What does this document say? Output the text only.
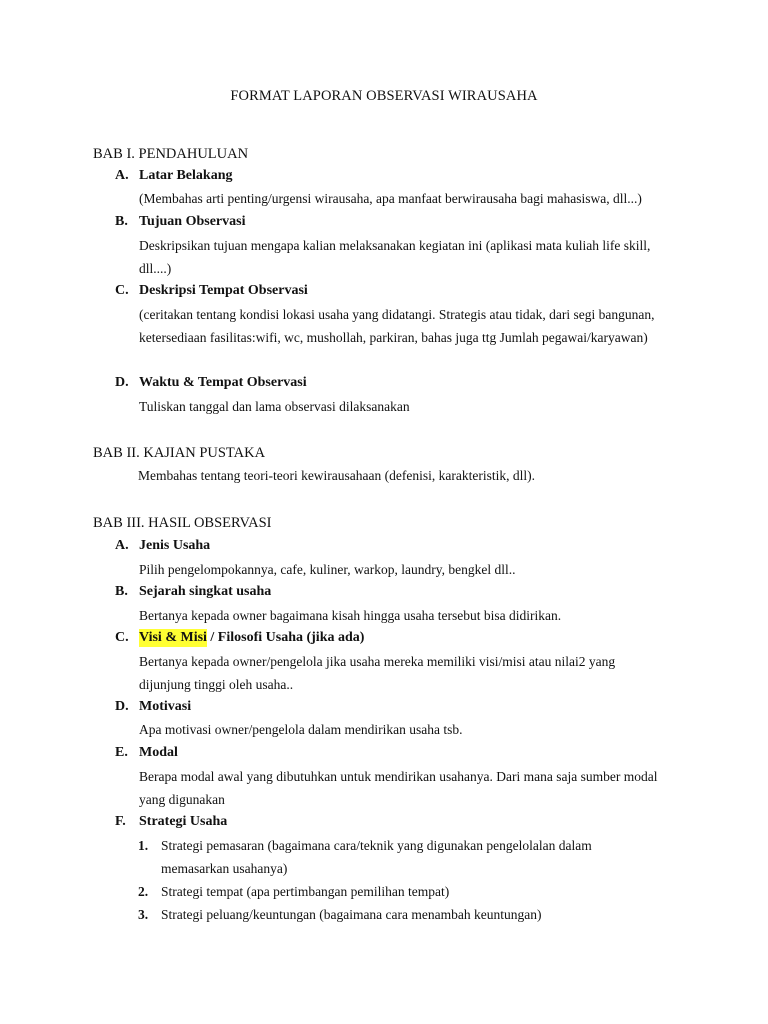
FORMAT LAPORAN OBSERVASI WIRAUSAHA
BAB I. PENDAHULUAN
A. Latar Belakang
(Membahas arti penting/urgensi wirausaha, apa manfaat berwirausaha bagi mahasiswa, dll...)
B. Tujuan Observasi
Deskripsikan tujuan mengapa kalian melaksanakan kegiatan ini (aplikasi mata kuliah life skill, dll....)
C. Deskripsi Tempat Observasi
(ceritakan tentang kondisi lokasi usaha yang didatangi. Strategis atau tidak, dari segi bangunan, ketersediaan fasilitas:wifi, wc, mushollah, parkiran, bahas juga ttg Jumlah pegawai/karyawan)
D. Waktu & Tempat Observasi
Tuliskan tanggal dan lama observasi dilaksanakan
BAB II. KAJIAN PUSTAKA
Membahas tentang teori-teori kewirausahaan (defenisi, karakteristik, dll).
BAB III. HASIL OBSERVASI
A. Jenis Usaha
Pilih pengelompokannya, cafe, kuliner, warkop, laundry, bengkel dll..
B. Sejarah singkat usaha
Bertanya kepada owner bagaimana kisah hingga usaha tersebut bisa didirikan.
C. Visi & Misi / Filosofi Usaha (jika ada)
Bertanya kepada owner/pengelola jika usaha mereka memiliki visi/misi atau nilai2 yang dijunjung tinggi oleh usaha..
D. Motivasi
Apa motivasi owner/pengelola dalam mendirikan usaha tsb.
E. Modal
Berapa modal awal yang dibutuhkan untuk mendirikan usahanya. Dari mana saja sumber modal yang digunakan
F. Strategi Usaha
1. Strategi pemasaran (bagaimana cara/teknik yang digunakan pengelolalan dalam memasarkan usahanya)
2. Strategi tempat (apa pertimbangan pemilihan tempat)
3. Strategi peluang/keuntungan (bagaimana cara menambah keuntungan)
